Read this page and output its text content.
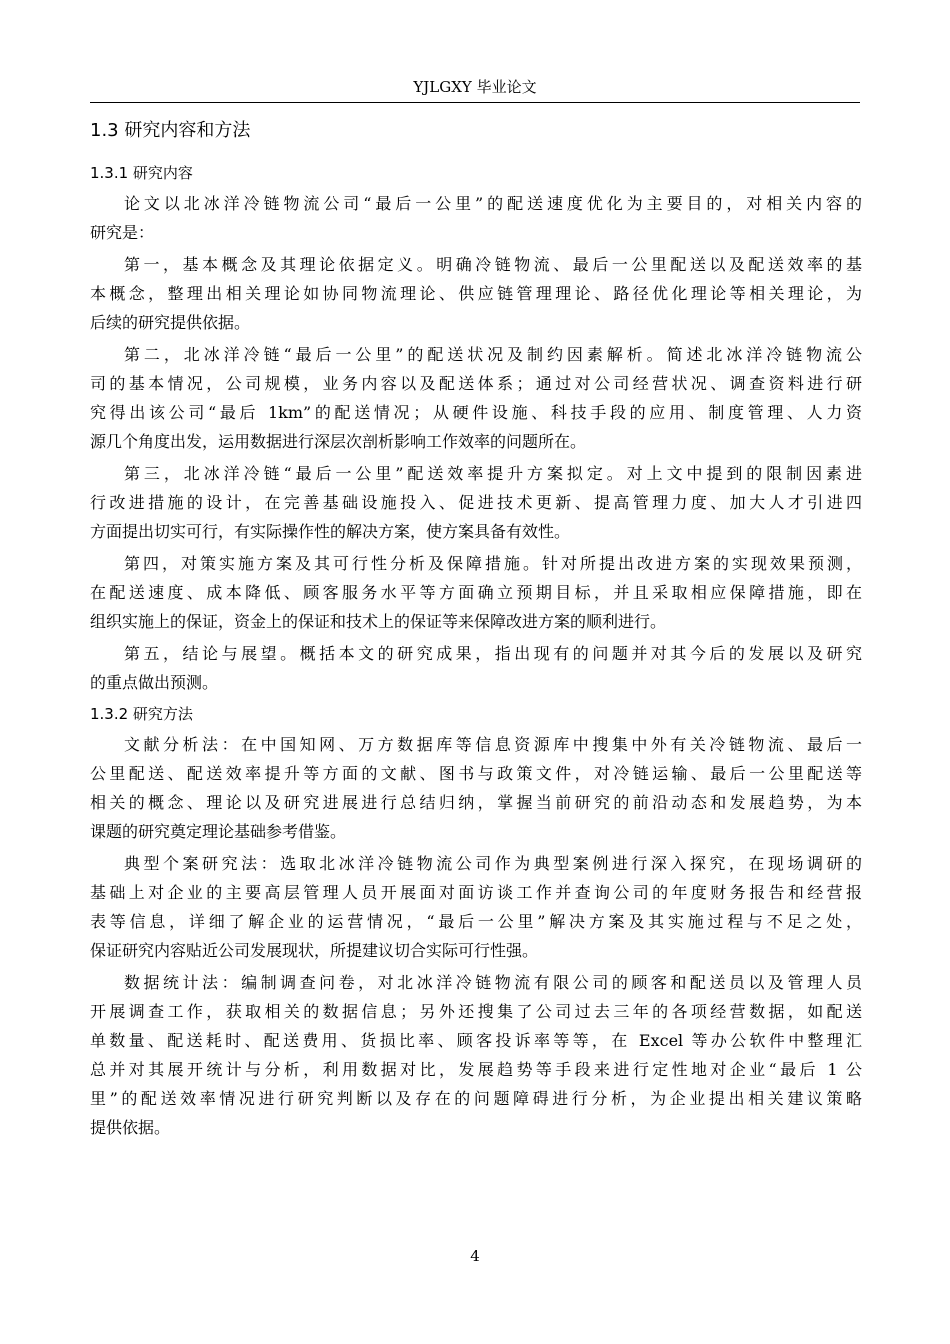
YJLGXY 毕业论文
1.3 研究内容和方法
1.3.1 研究内容
论文以北冰洋冷链物流公司“最后一公里”的配送速度优化为主要目的，对相关内容的
研究是：
第一，基本概念及其理论依据定义。明确冷链物流、最后一公里配送以及配送效率的基
本概念，整理出相关理论如协同物流理论、供应链管理理论、路径优化理论等相关理论，为
后续的研究提供依据。
第二，北冰洋冷链“最后一公里”的配送状况及制约因素解析。简述北冰洋冷链物流公
司的基本情况，公司规模，业务内容以及配送体系；通过对公司经营状况、调查资料进行研
究得出该公司“最后 1km”的配送情况；从硬件设施、科技手段的应用、制度管理、人力资
源几个角度出发，运用数据进行深层次剖析影响工作效率的问题所在。
第三，北冰洋冷链“最后一公里”配送效率提升方案拟定。对上文中提到的限制因素进
行改进措施的设计，在完善基础设施投入、促进技术更新、提高管理力度、加大人才引进四
方面提出切实可行，有实际操作性的解决方案，使方案具备有效性。
第四，对策实施方案及其可行性分析及保障措施。针对所提出改进方案的实现效果预测，
在配送速度、成本降低、顾客服务水平等方面确立预期目标，并且采取相应保障措施，即在
组织实施上的保证，资金上的保证和技术上的保证等来保障改进方案的顺利进行。
第五，结论与展望。概括本文的研究成果，指出现有的问题并对其今后的发展以及研究
的重点做出预测。
1.3.2 研究方法
文献分析法：在中国知网、万方数据库等信息资源库中搜集中外有关冷链物流、最后一
公里配送、配送效率提升等方面的文献、图书与政策文件，对冷链运输、最后一公里配送等
相关的概念、理论以及研究进展进行总结归纳，掌握当前研究的前沿动态和发展趋势，为本
课题的研究奠定理论基础参考借鉴。
典型个案研究法：选取北冰洋冷链物流公司作为典型案例进行深入探究，在现场调研的
基础上对企业的主要高层管理人员开展面对面访谈工作并查询公司的年度财务报告和经营报
表等信息，详细了解企业的运营情况，“最后一公里”解决方案及其实施过程与不足之处，
保证研究内容贴近公司发展现状，所提建议切合实际可行性强。
数据统计法：编制调查问卷，对北冰洋冷链物流有限公司的顾客和配送员以及管理人员
开展调查工作，获取相关的数据信息；另外还搜集了公司过去三年的各项经营数据，如配送
单数量、配送耗时、配送费用、货损比率、顾客投诉率等等，在 Excel 等办公软件中整理汇
总并对其展开统计与分析，利用数据对比，发展趋势等手段来进行定性地对企业“最后 1 公
里”的配送效率情况进行研究判断以及存在的问题障碍进行分析，为企业提出相关建议策略
提供依据。
4
